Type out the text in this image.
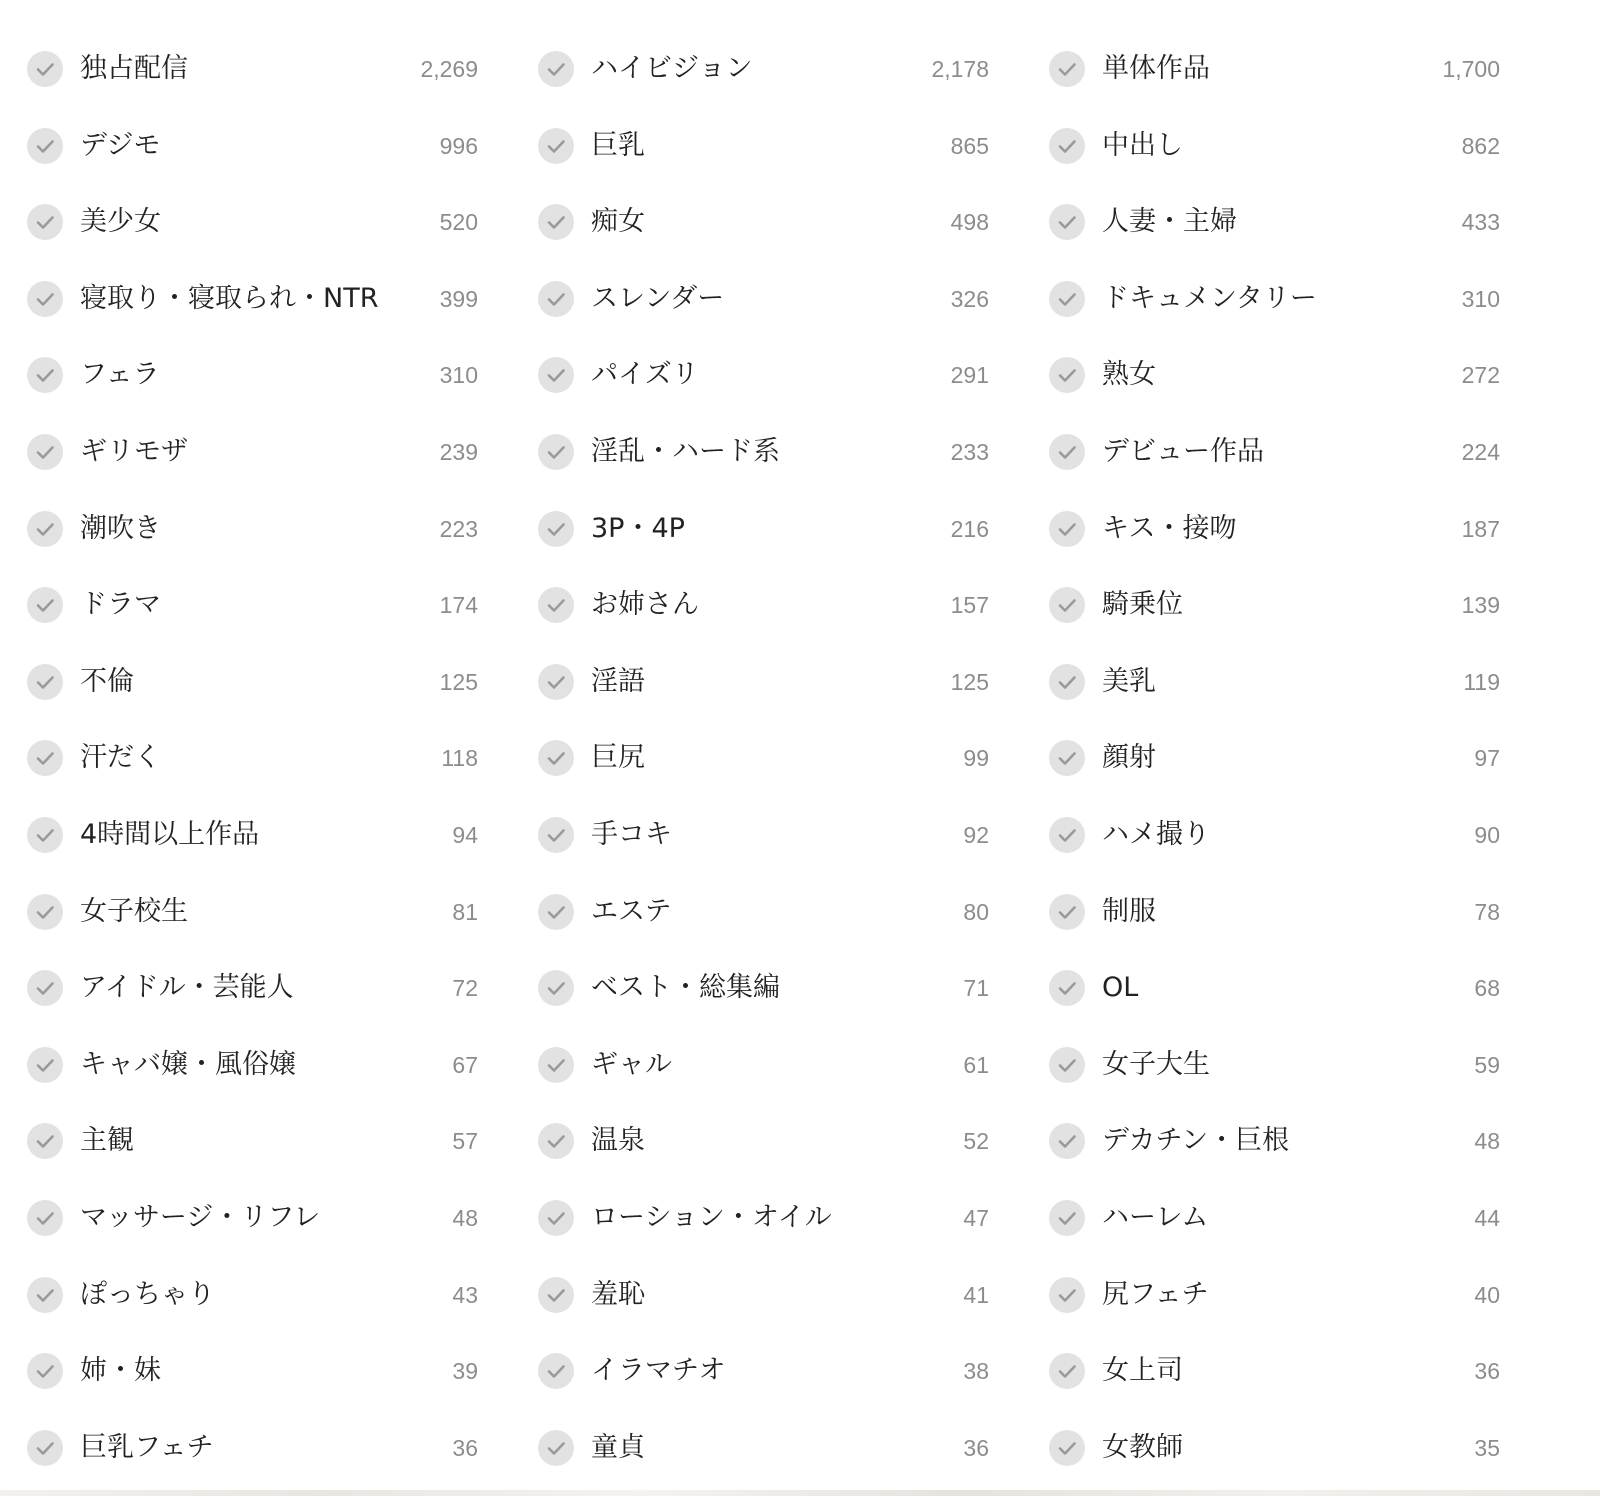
独占配信	2,269	ハイビジョン	2,178	単体作品	1,700
デジモ	996	巨乳	865	中出し	862
美少女	520	痴女	498	人妻・主婦	433
寝取り・寝取られ・NTR	399	スレンダー	326	ドキュメンタリー	310
フェラ	310	パイズリ	291	熟女	272
ギリモザ	239	淫乱・ハード系	233	デビュー作品	224
潮吹き	223	3P・4P	216	キス・接吻	187
ドラマ	174	お姉さん	157	騎乗位	139
不倫	125	淫語	125	美乳	119
汗だく	118	巨尻	99	顔射	97
4時間以上作品	94	手コキ	92	ハメ撮り	90
女子校生	81	エステ	80	制服	78
アイドル・芸能人	72	ベスト・総集編	71	OL	68
キャバ嬢・風俗嬢	67	ギャル	61	女子大生	59
主観	57	温泉	52	デカチン・巨根	48
マッサージ・リフレ	48	ローション・オイル	47	ハーレム	44
ぽっちゃり	43	羞恥	41	尻フェチ	40
姉・妹	39	イラマチオ	38	女上司	36
巨乳フェチ	36	童貞	36	女教師	35
